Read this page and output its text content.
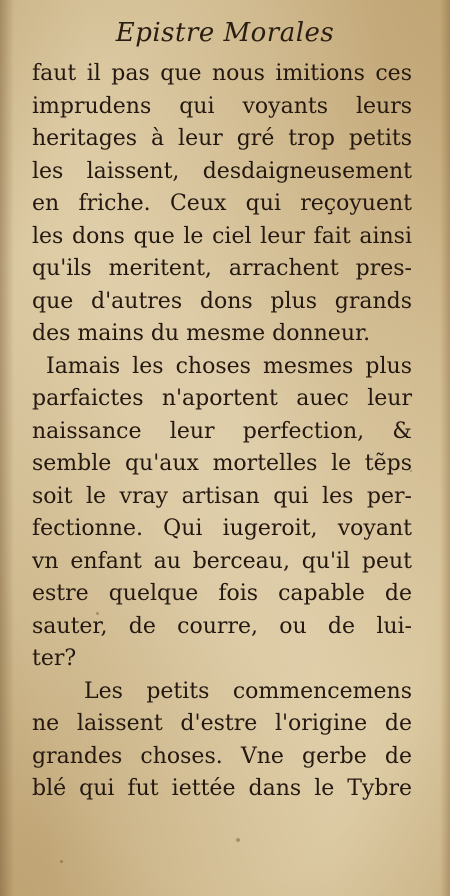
Epistre Morales
faut il pas que nous imitions ces
imprudens qui voyants leurs
heritages à leur gré trop petits
les laissent, desdaigneusement
en friche. Ceux qui reçoyuent
les dons que le ciel leur fait ainsi
qu'ils meritent, arrachent pres-
que d'autres dons plus grands
des mains du mesme donneur.
Iamais les choses mesmes plus
parfaictes n'aportent auec leur
naissance leur perfection, &
semble qu'aux mortelles le tẽps
soit le vray artisan qui les per-
fectionne. Qui iugeroit, voyant
vn enfant au berceau, qu'il peut
estre quelque fois capable de
sauter, de courre, ou de lui-
ter?
Les petits commencemens
ne laissent d'estre l'origine de
grandes choses. Vne gerbe de
blé qui fut iettée dans le Tybre
